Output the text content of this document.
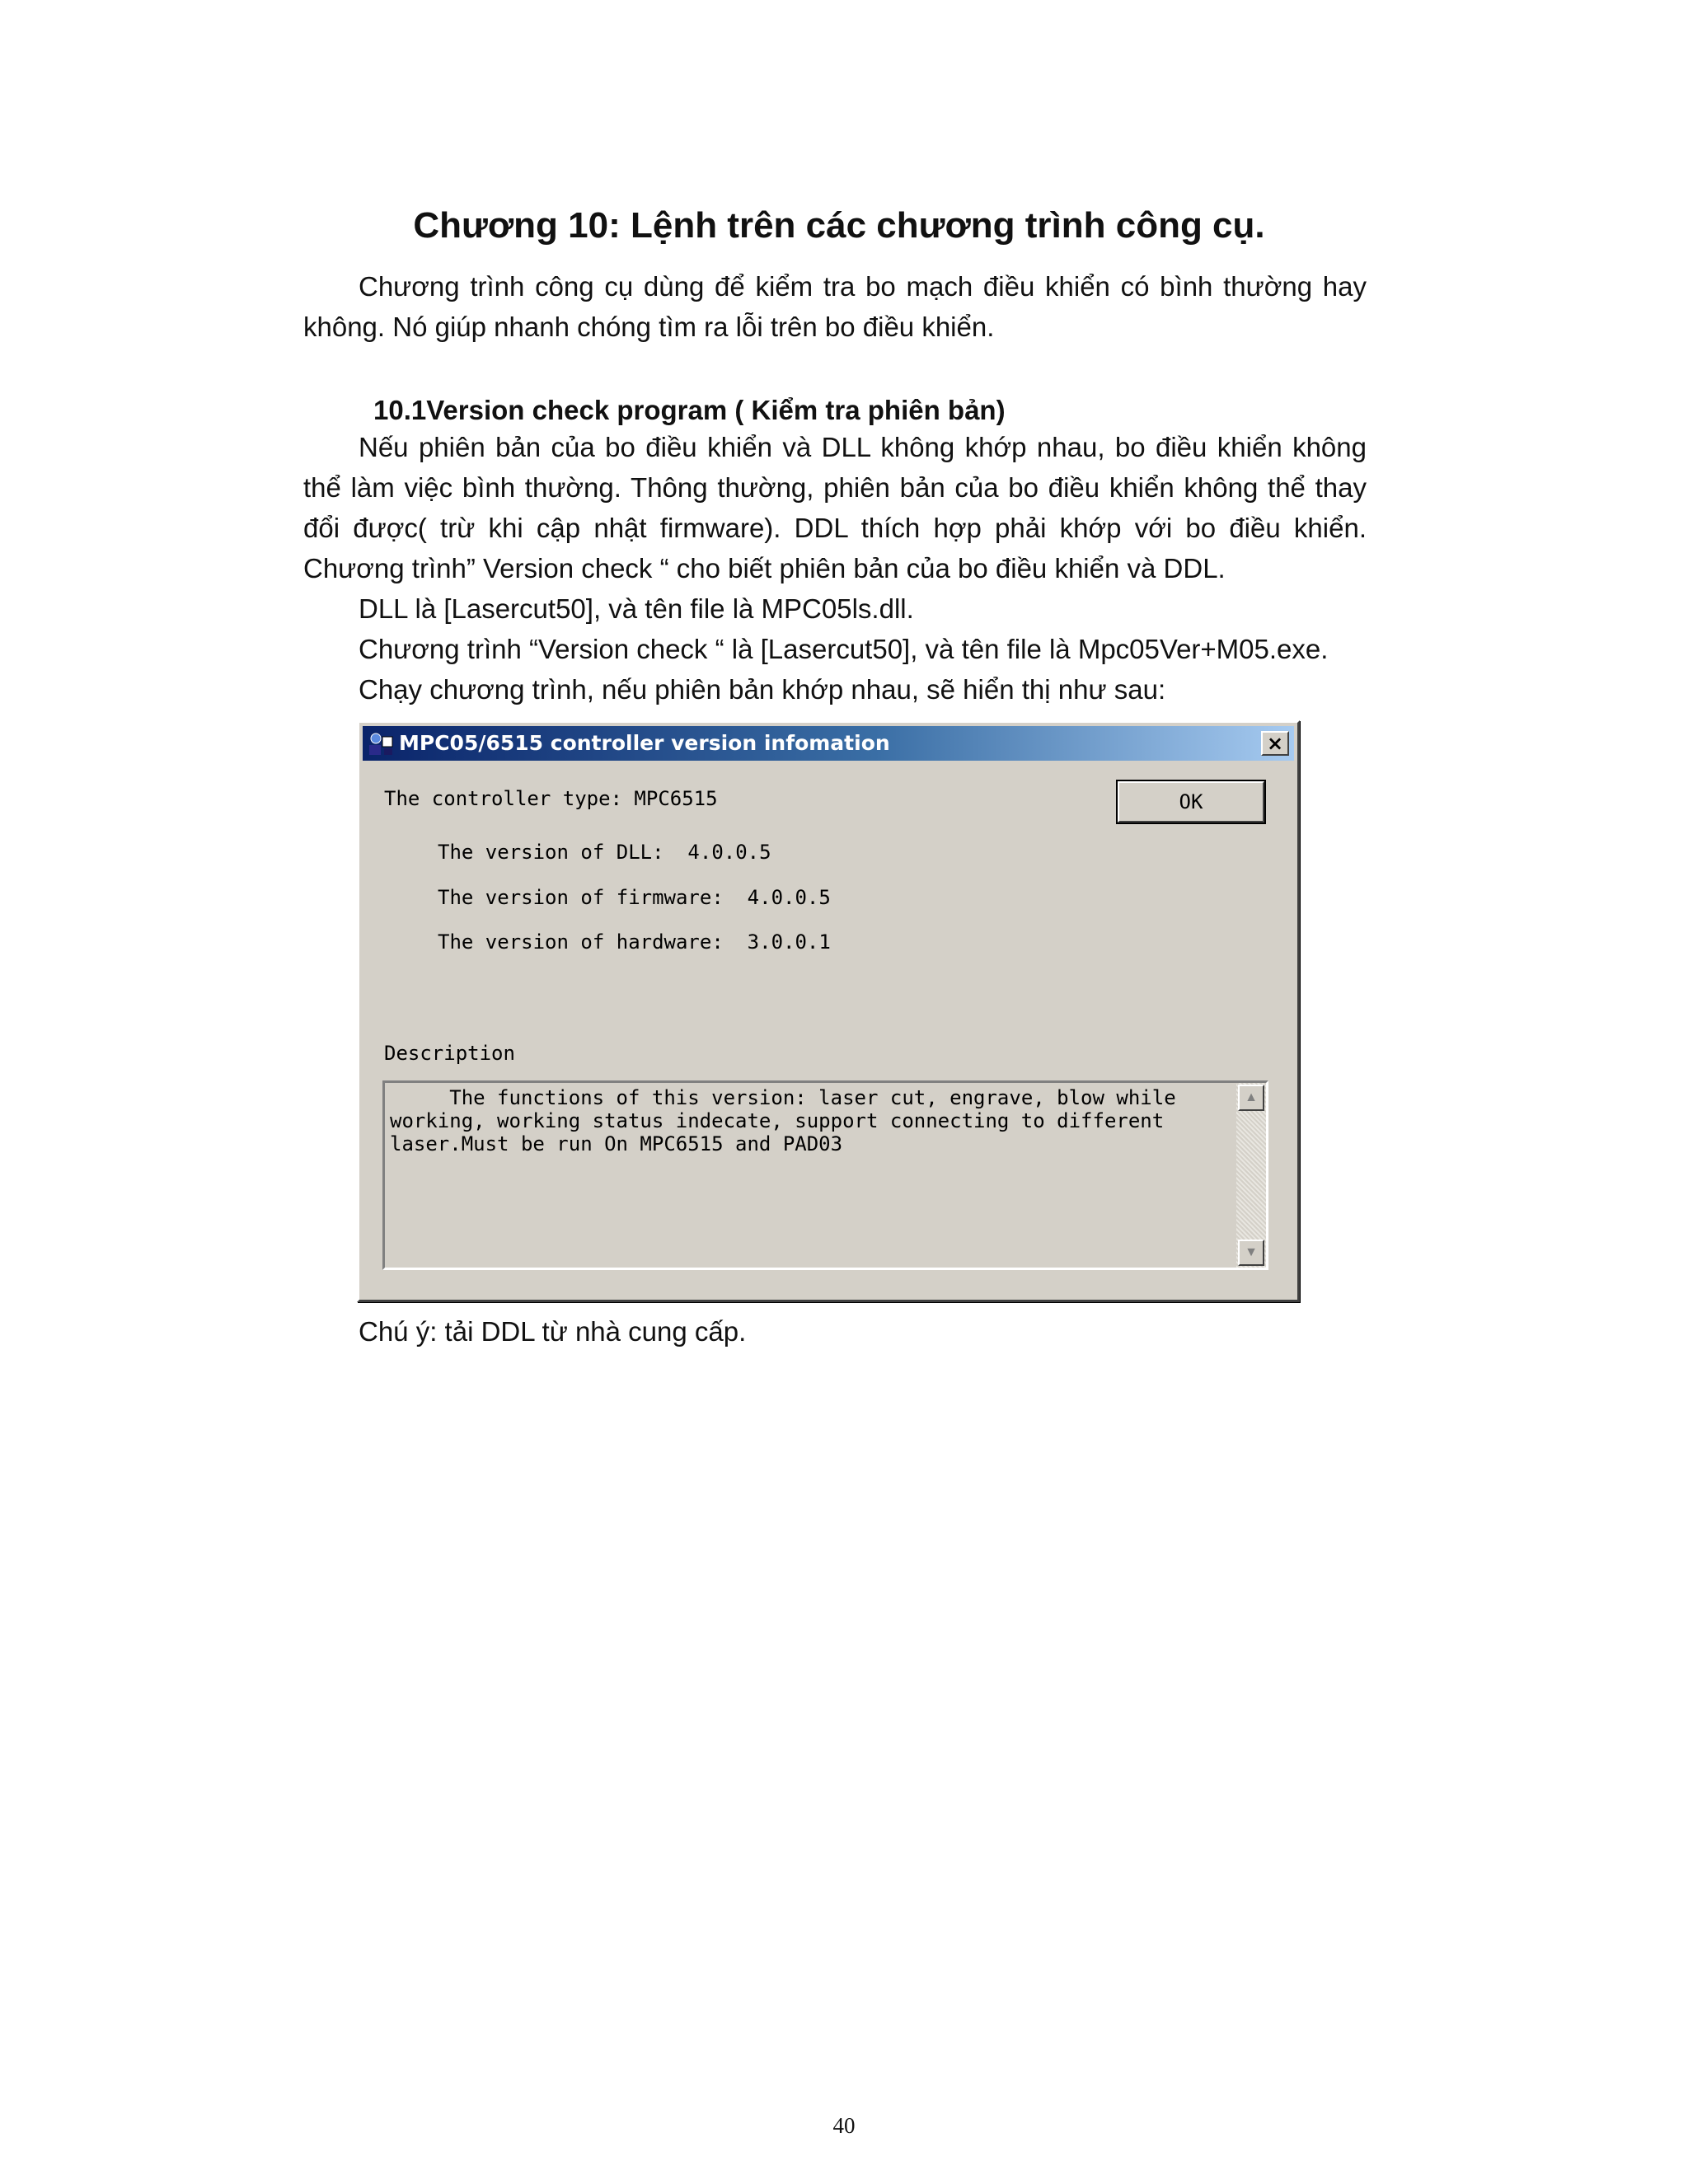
Chương 10: Lệnh trên các chương trình công cụ.
Chương trình công cụ dùng để kiểm tra bo mạch điều khiển có bình thường hay không. Nó giúp nhanh chóng tìm ra lỗi trên bo điều khiển.
10.1Version check program ( Kiểm tra phiên bản)
Nếu phiên bản của bo điều khiển và DLL không khớp nhau, bo điều khiển không thể làm việc bình thường. Thông thường, phiên bản của bo điều khiển không thể thay đổi được( trừ khi cập nhật firmware). DDL thích hợp phải khớp với bo điều khiển. Chương trình” Version check “ cho biết phiên bản của bo điều khiển và DDL.
DLL là [Lasercut50], và tên file là MPC05ls.dll.
Chương trình “Version check “ là [Lasercut50], và tên file là Mpc05Ver+M05.exe.
Chạy chương trình, nếu phiên bản khớp nhau, sẽ hiển thị như sau:
MPC05/6515 controller version infomation	×
The controller type: MPC6515	OK
The version of DLL:  4.0.0.5
The version of firmware:  4.0.0.5
The version of hardware:  3.0.0.1
Description
The functions of this version: laser cut, engrave, blow while
working, working status indecate, support connecting to different
laser.Must be run On MPC6515 and PAD03
▲
▼
Chú ý: tải DDL từ nhà cung cấp.
40
